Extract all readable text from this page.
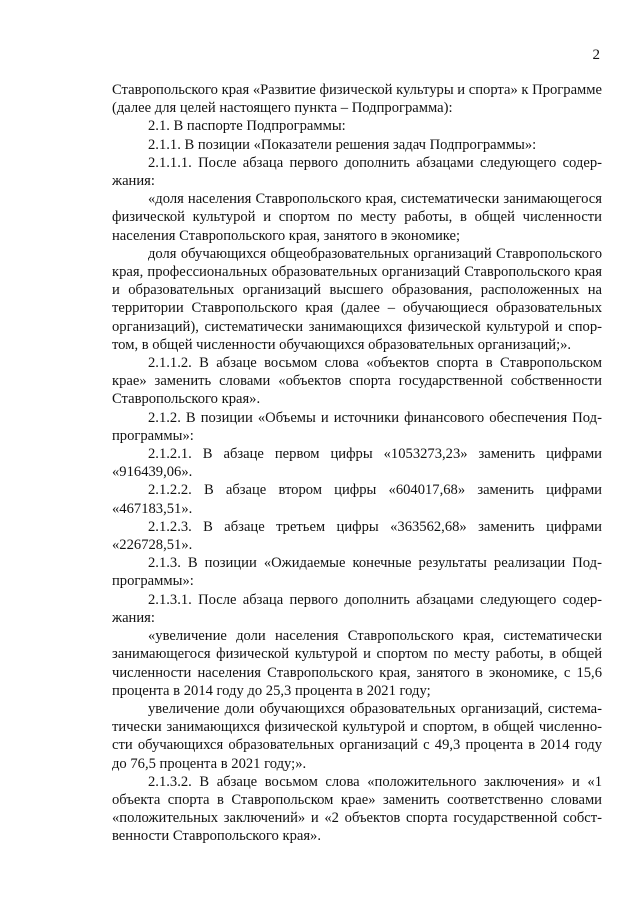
2

Ставропольского края «Развитие физической культуры и спорта» к Программе (далее для целей настоящего пункта – Подпрограмма):

2.1. В паспорте Подпрограммы:

2.1.1. В позиции «Показатели решения задач Подпрограммы»:

2.1.1.1. После абзаца первого дополнить абзацами следующего содержания:

«доля населения Ставропольского края, систематически занимающегося физической культурой и спортом по месту работы, в общей численности населения Ставропольского края, занятого в экономике;

доля обучающихся общеобразовательных организаций Ставропольского края, профессиональных образовательных организаций Ставропольского края и образовательных организаций высшего образования, расположенных на территории Ставропольского края (далее – обучающиеся образовательных организаций), систематически занимающихся физической культурой и спортом, в общей численности обучающихся образовательных организаций;».

2.1.1.2. В абзаце восьмом слова «объектов спорта в Ставропольском крае» заменить словами «объектов спорта государственной собственности Ставропольского края».

2.1.2. В позиции «Объемы и источники финансового обеспечения Подпрограммы»:

2.1.2.1. В абзаце первом цифры «1053273,23» заменить цифрами «916439,06».

2.1.2.2. В абзаце втором цифры «604017,68» заменить цифрами «467183,51».

2.1.2.3. В абзаце третьем цифры «363562,68» заменить цифрами «226728,51».

2.1.3. В позиции «Ожидаемые конечные результаты реализации Подпрограммы»:

2.1.3.1. После абзаца первого дополнить абзацами следующего содержания:

«увеличение доли населения Ставропольского края, систематически занимающегося физической культурой и спортом по месту работы, в общей численности населения Ставропольского края, занятого в экономике, с 15,6 процента в 2014 году до 25,3 процента в 2021 году;

увеличение доли обучающихся образовательных организаций, систематически занимающихся физической культурой и спортом, в общей численности обучающихся образовательных организаций с 49,3 процента в 2014 году до 76,5 процента в 2021 году;».

2.1.3.2. В абзаце восьмом слова «положительного заключения» и «1 объекта спорта в Ставропольском крае» заменить соответственно словами «положительных заключений» и «2 объектов спорта государственной собственности Ставропольского края».
